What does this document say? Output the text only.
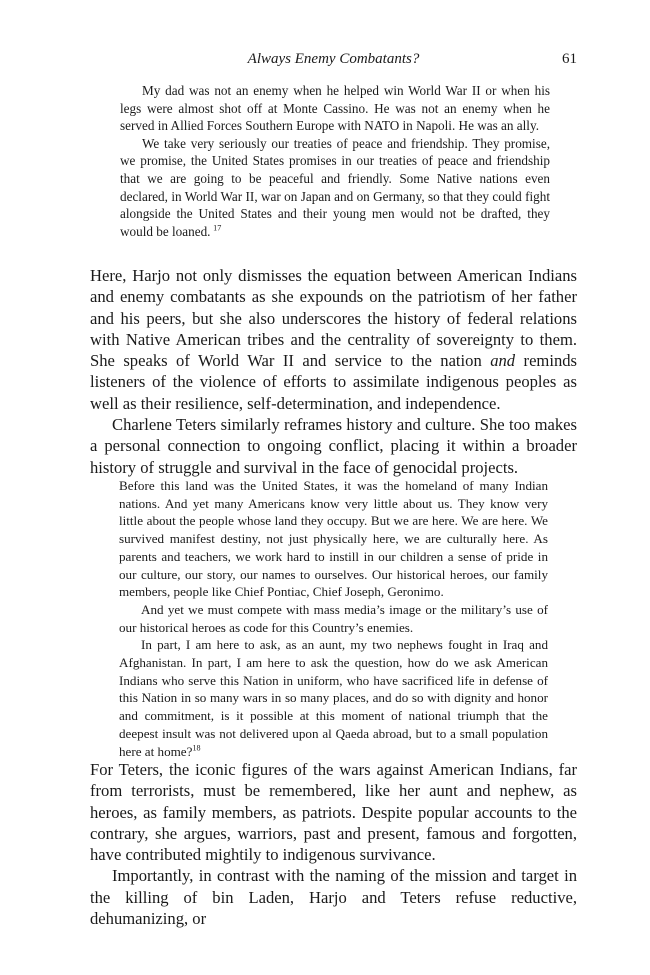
Always Enemy Combatants?	61

My dad was not an enemy when he helped win World War II or when his legs were almost shot off at Monte Cassino. He was not an enemy when he served in Allied Forces Southern Europe with NATO in Napoli. He was an ally.

We take very seriously our treaties of peace and friendship. They promise, we promise, the United States promises in our treaties of peace and friendship that we are going to be peaceful and friendly. Some Native nations even declared, in World War II, war on Japan and on Germany, so that they could fight alongside the United States and their young men would not be drafted, they would be loaned.  $^{17}$

Here, Harjo not only dismisses the equation between American Indians and enemy combatants as she expounds on the patriotism of her father and his peers, but she also underscores the history of federal relations with Native American tribes and the centrality of sovereignty to them. She speaks of World War II and service to the nation and reminds listeners of the violence of efforts to assimilate indigenous peoples as well as their resilience, self-determination, and independence.

Charlene Teters similarly reframes history and culture. She too makes a personal connection to ongoing conflict, placing it within a broader history of struggle and survival in the face of genocidal projects.

Before this land was the United States, it was the homeland of many Indian nations. And yet many Americans know very little about us. They know very little about the people whose land they occupy. But we are here. We are here. We survived manifest destiny, not just physically here, we are culturally here. As parents and teachers, we work hard to instill in our children a sense of pride in our culture, our story, our names to ourselves. Our historical heroes, our family members, people like Chief Pontiac, Chief Joseph, Geronimo.

And yet we must compete with mass media’s image or the military’s use of our historical heroes as code for this Country’s enemies.

In part, I am here to ask, as an aunt, my two nephews fought in Iraq and Afghanistan. In part, I am here to ask the question, how do we ask American Indians who serve this Nation in uniform, who have sacrificed life in defense of this Nation in so many wars in so many places, and do so with dignity and honor and commitment, is it possible at this moment of national triumph that the deepest insult was not delivered upon al Qaeda abroad, but to a small population here at home?$^{18}$

For Teters, the iconic figures of the wars against American Indians, far from terrorists, must be remembered, like her aunt and nephew, as heroes, as family members, as patriots. Despite popular accounts to the contrary, she argues, warriors, past and present, famous and forgotten, have contributed mightily to indigenous survivance.

Importantly, in contrast with the naming of the mission and target in the killing of bin Laden, Harjo and Teters refuse reductive, dehumanizing, or
